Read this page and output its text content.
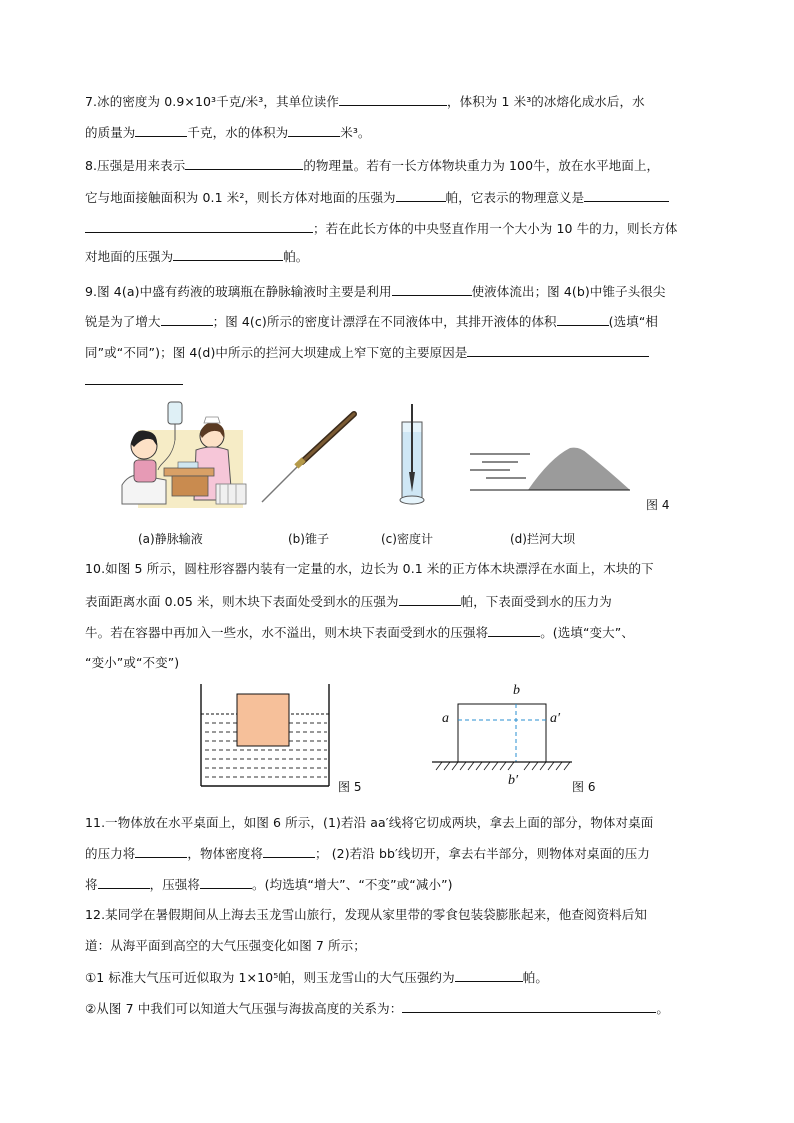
7.冰的密度为 0.9×10³千克/米³，其单位读作	，体积为 1 米³的冰熔化成水后，水
的质量为	千克，水的体积为	米³。
8.压强是用来表示	的物理量。若有一长方体物块重力为 100牛，放在水平地面上，
它与地面接触面积为 0.1 米²，则长方体对地面的压强为	帕，它表示的物理意义是
；若在此长方体的中央竖直作用一个大小为 10 牛的力，则长方体
对地面的压强为	帕。
9.图 4(a)中盛有药液的玻璃瓶在静脉输液时主要是利用	使液体流出；图 4(b)中锥子头很尖
锐是为了增大	；图 4(c)所示的密度计漂浮在不同液体中，其排开液体的体积	(选填“相
同”或“不同”)；图 4(d)中所示的拦河大坝建成上窄下宽的主要原因是
图 4
(a)静脉输液	(b)锥子	(c)密度计	(d)拦河大坝
10.如图 5 所示，圆柱形容器内装有一定量的水，边长为 0.1 米的正方体木块漂浮在水面上，木块的下
表面距离水面 0.05 米，则木块下表面处受到水的压强为	帕，下表面受到水的压力为
牛。若在容器中再加入一些水，水不溢出，则木块下表面受到水的压强将	。(选填“变大”、
“变小”或“不变”)
图 5
b
a	a′
b′	图 6
11.一物体放在水平桌面上，如图 6 所示，(1)若沿 aa′线将它切成两块，拿去上面的部分，物体对桌面
的压力将	，物体密度将	； (2)若沿 bb′线切开，拿去右半部分，则物体对桌面的压力
将	，压强将	。(均选填“增大”、“不变”或“减小”)
12.某同学在暑假期间从上海去玉龙雪山旅行，发现从家里带的零食包装袋膨胀起来，他查阅资料后知
道：从海平面到高空的大气压强变化如图 7 所示；
①1 标准大气压可近似取为 1×10⁵帕，则玉龙雪山的大气压强约为	帕。
②从图 7 中我们可以知道大气压强与海拔高度的关系为：	。
